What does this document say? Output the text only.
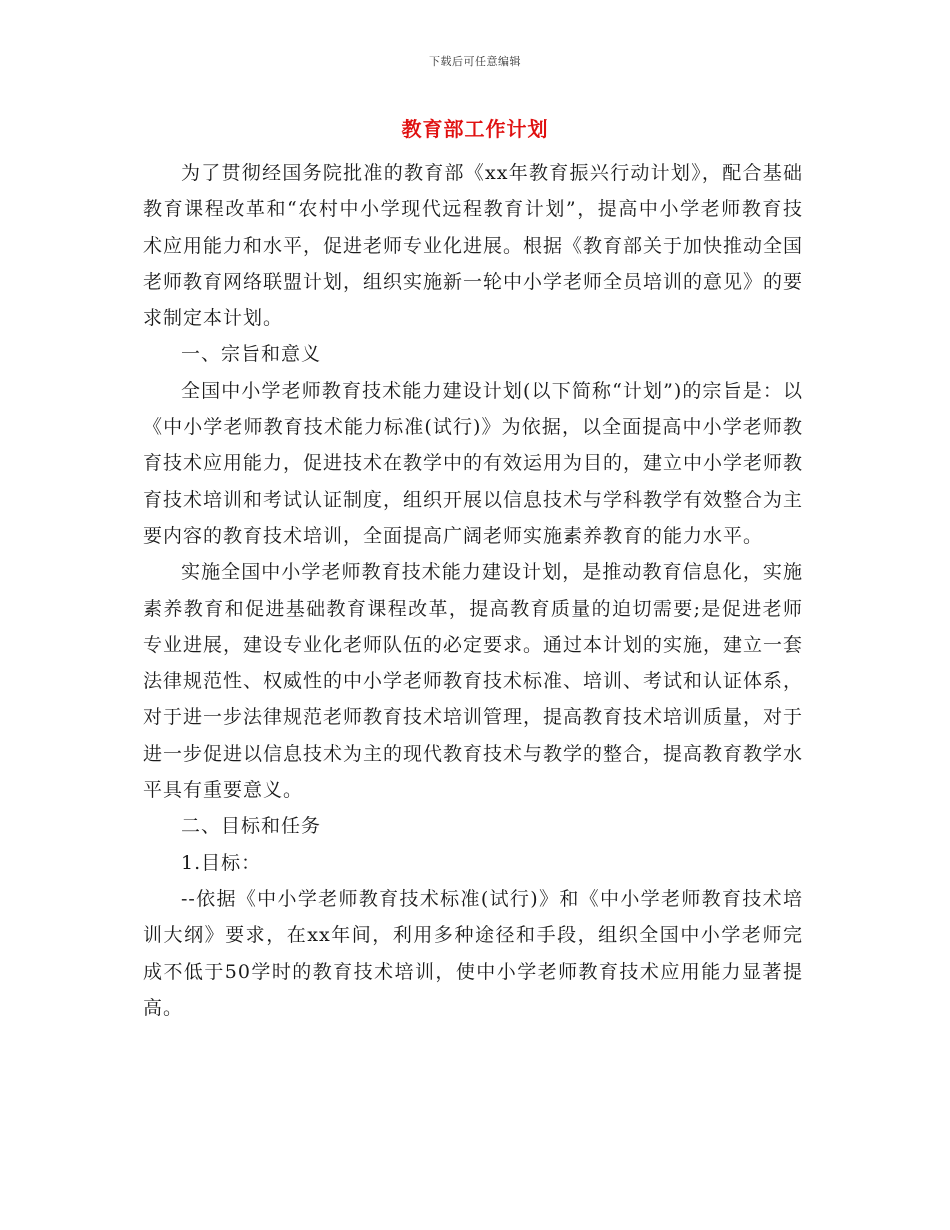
下载后可任意编辑
教育部工作计划

为了贯彻经国务院批准的教育部《xx年教育振兴行动计划》，配合基础教育课程改革和“农村中小学现代远程教育计划”，提高中小学老师教育技术应用能力和水平，促进老师专业化进展。根据《教育部关于加快推动全国老师教育网络联盟计划，组织实施新一轮中小学老师全员培训的意见》的要求制定本计划。

一、宗旨和意义

全国中小学老师教育技术能力建设计划(以下简称“计划”)的宗旨是：以《中小学老师教育技术能力标准(试行)》为依据，以全面提高中小学老师教育技术应用能力，促进技术在教学中的有效运用为目的，建立中小学老师教育技术培训和考试认证制度，组织开展以信息技术与学科教学有效整合为主要内容的教育技术培训，全面提高广阔老师实施素养教育的能力水平。

实施全国中小学老师教育技术能力建设计划，是推动教育信息化，实施素养教育和促进基础教育课程改革，提高教育质量的迫切需要;是促进老师专业进展，建设专业化老师队伍的必定要求。通过本计划的实施，建立一套法律规范性、权威性的中小学老师教育技术标准、培训、考试和认证体系，对于进一步法律规范老师教育技术培训管理，提高教育技术培训质量，对于进一步促进以信息技术为主的现代教育技术与教学的整合，提高教育教学水平具有重要意义。

二、目标和任务

1.目标：

--依据《中小学老师教育技术标准(试行)》和《中小学老师教育技术培训大纲》要求，在xx年间，利用多种途径和手段，组织全国中小学老师完成不低于50学时的教育技术培训，使中小学老师教育技术应用能力显著提高。
